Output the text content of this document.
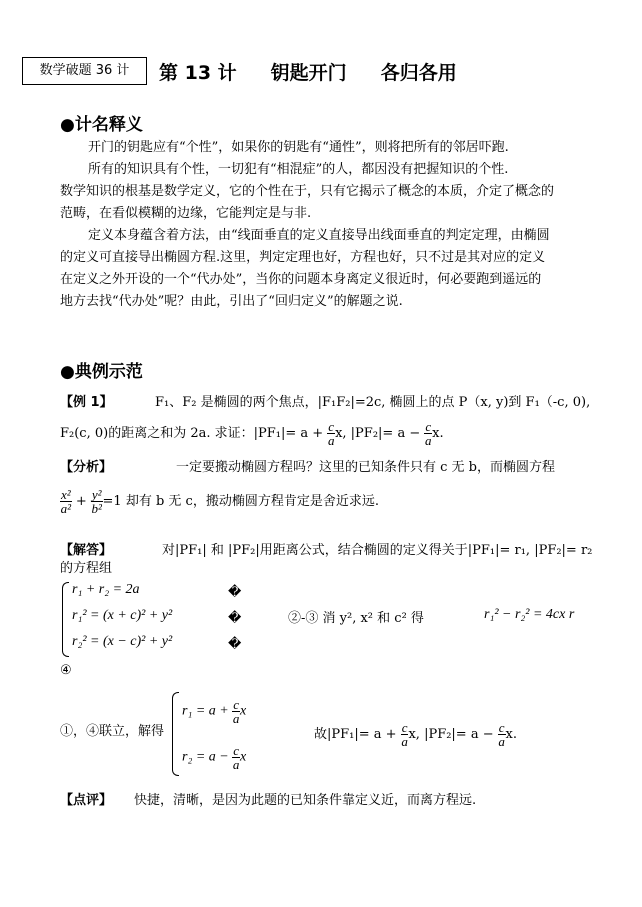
数学破题 36 计	第 13 计 钥匙开门 各归各用
●计名释义
开门的钥匙应有“个性”，如果你的钥匙有“通性”，则将把所有的邻居吓跑.
所有的知识具有个性，一切犯有“相混症”的人，都因没有把握知识的个性.
数学知识的根基是数学定义，它的个性在于，只有它揭示了概念的本质，介定了概念的
范畴，在看似模糊的边缘，它能判定是与非.
定义本身蕴含着方法，由“线面垂直的定义直接导出线面垂直的判定定理，由椭圆
的定义可直接导出椭圆方程.这里，判定定理也好，方程也好，只不过是其对应的定义
在定义之外开设的一个“代办处”，当你的问题本身离定义很近时，何必要跑到遥远的
地方去找“代办处”呢？由此，引出了“回归定义”的解题之说.
●典例示范
【例 1】	F₁、F₂ 是椭圆的两个焦点，|F₁F₂|=2c, 椭圆上的点 P（x, y)到 F₁（-c, 0),
F₂(c, 0)的距离之和为 2a. 求证：$|PF_1|= a + \frac{c}{a} x$, $|PF_2|= a - \frac{c}{a} x$.
【分析】	一定要搬动椭圆方程吗？这里的已知条件只有 c 无 b，而椭圆方程
$\frac{\text{x²}}{\text{a²}} + \frac{\text{y²}}{\text{b²}} =1$ 却有 b 无 c，搬动椭圆方程肯定是舍近求远.
【解答】	对|PF₁| 和 |PF₂|用距离公式，结合椭圆的定义得关于|PF₁|= r₁, |PF₂|= r₂
的方程组
r₁ + r₂ = 2a
r₁² = (x + c)² + y²
r₂² = (x − c)² + y²
�
�
�
②-③ 消 y², x² 和 c² 得	r₁² − r₂² = 4cx r
④
①，④联立，解得
$r_1 = a + \frac{c}{a}$ x
$r_2 = a - \frac{c}{a}$ x
故$|PF_1|= a + \frac{c}{a} x$, $|PF_2|= a - \frac{c}{a} x$.
【点评】 快捷，清晰，是因为此题的已知条件靠定义近，而离方程远.
